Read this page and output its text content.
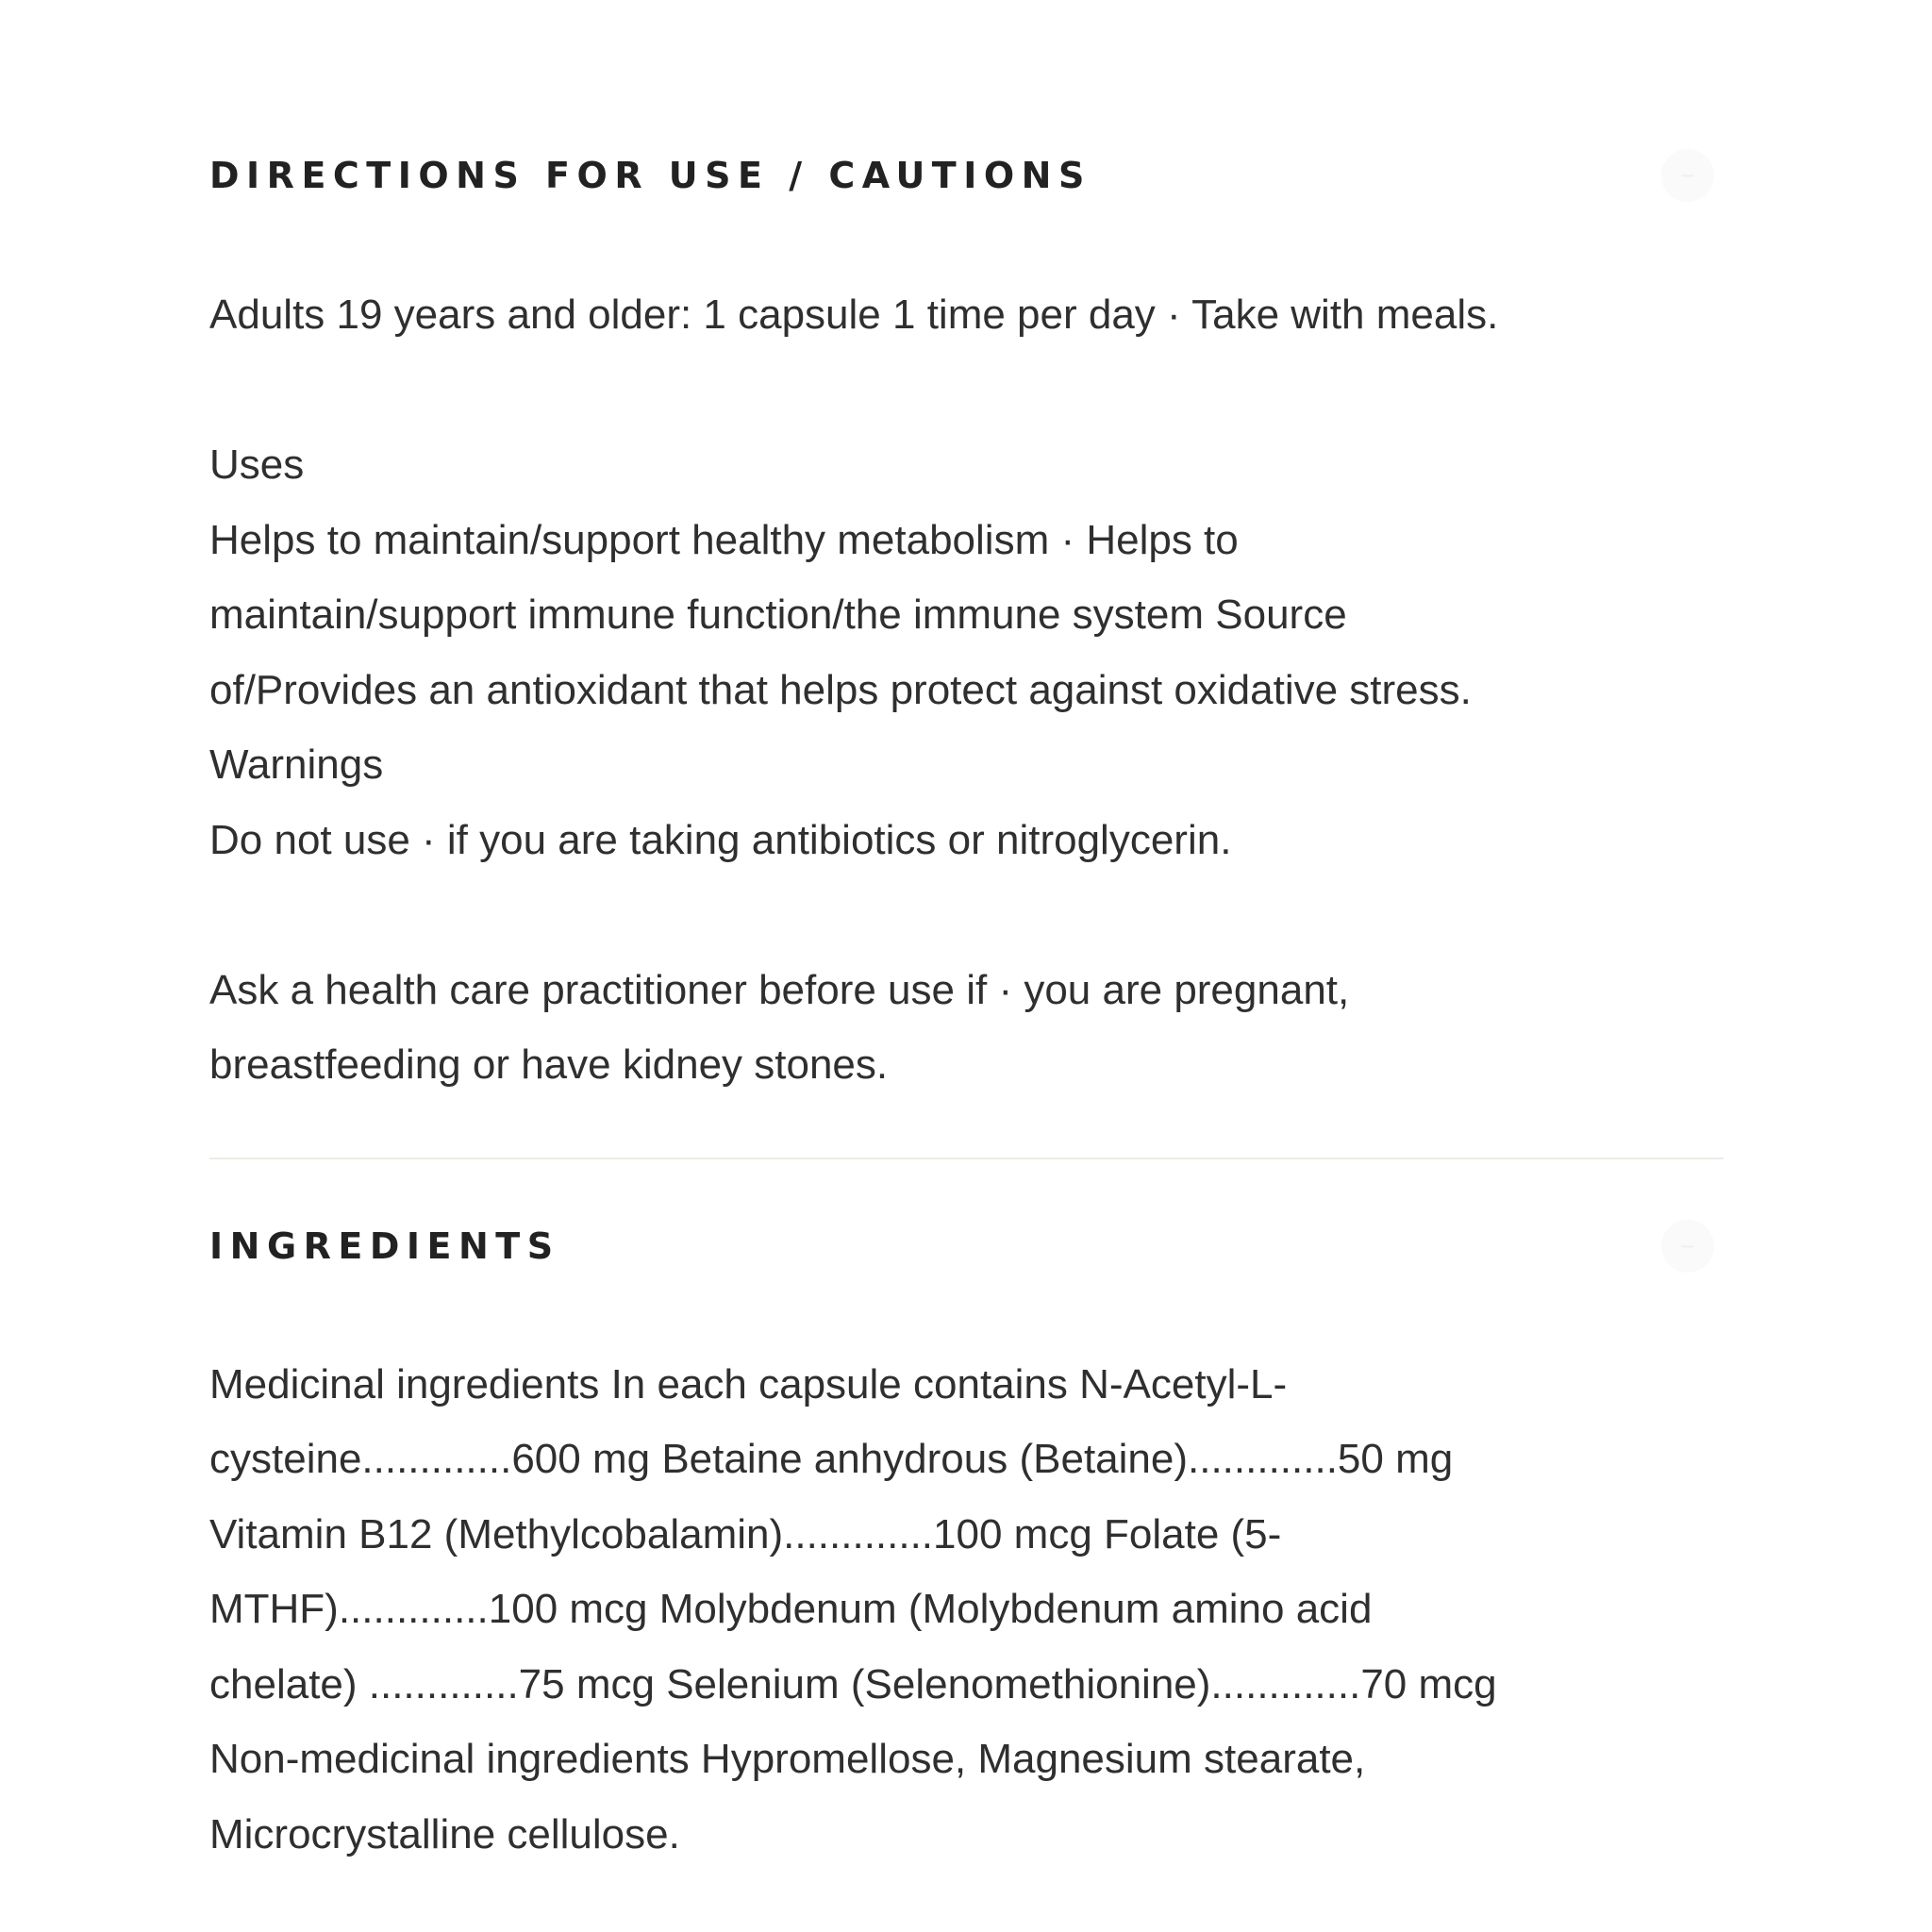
DIRECTIONS FOR USE / CAUTIONS	−

Adults 19 years and older: 1 capsule 1 time per day · Take with meals.

Uses

Helps to maintain/support healthy metabolism · Helps to

maintain/support immune function/the immune system Source

of/Provides an antioxidant that helps protect against oxidative stress.

Warnings

Do not use · if you are taking antibiotics or nitroglycerin.

Ask a health care practitioner before use if · you are pregnant,

breastfeeding or have kidney stones.

INGREDIENTS	−

Medicinal ingredients In each capsule contains N-Acetyl-L-

cysteine.............600 mg Betaine anhydrous (Betaine).............50 mg

Vitamin B12 (Methylcobalamin).............100 mcg Folate (5-

MTHF).............100 mcg Molybdenum (Molybdenum amino acid

chelate) .............75 mcg Selenium (Selenomethionine).............70 mcg

Non-medicinal ingredients Hypromellose, Magnesium stearate,

Microcrystalline cellulose.
